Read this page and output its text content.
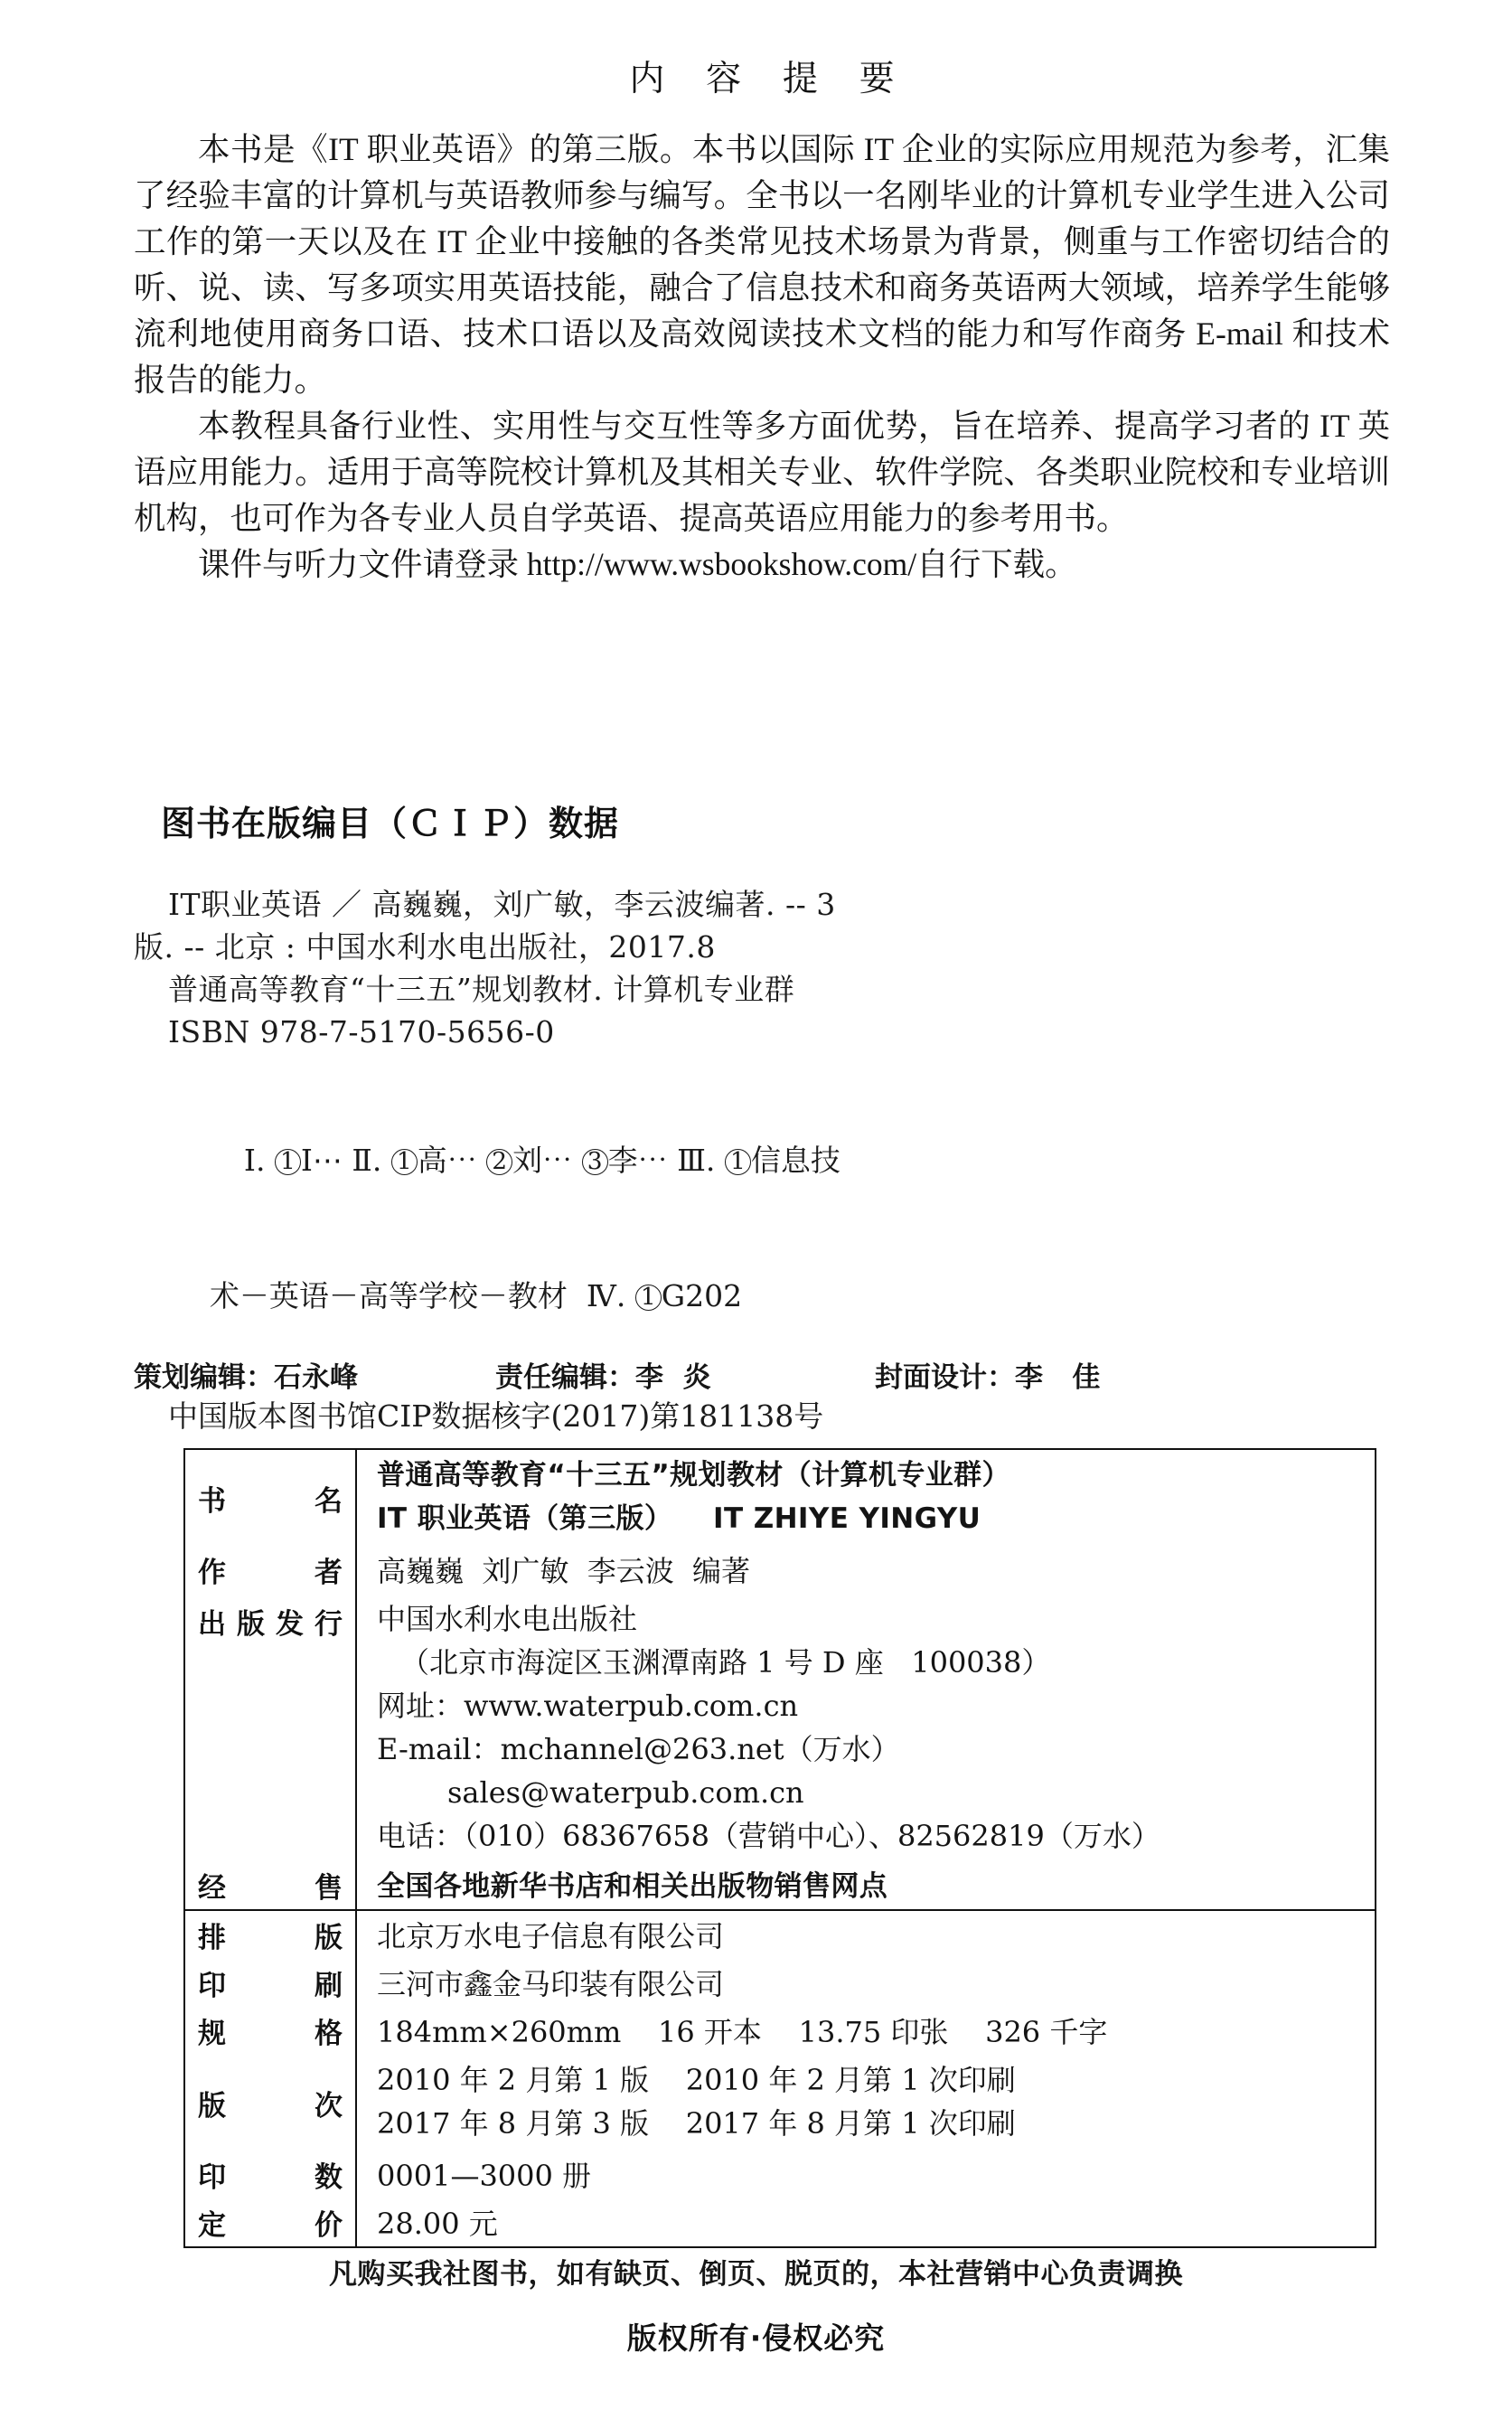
内 容 提 要

本书是《IT 职业英语》的第三版。本书以国际 IT 企业的实际应用规范为参考，汇集了经验丰富的计算机与英语教师参与编写。全书以一名刚毕业的计算机专业学生进入公司工作的第一天以及在 IT 企业中接触的各类常见技术场景为背景，侧重与工作密切结合的听、说、读、写多项实用英语技能，融合了信息技术和商务英语两大领域，培养学生能够流利地使用商务口语、技术口语以及高效阅读技术文档的能力和写作商务 E-mail 和技术报告的能力。

本教程具备行业性、实用性与交互性等多方面优势，旨在培养、提高学习者的 IT 英语应用能力。适用于高等院校计算机及其相关专业、软件学院、各类职业院校和专业培训机构，也可作为各专业人员自学英语、提高英语应用能力的参考用书。

课件与听力文件请登录 http://www.wsbookshow.com/自行下载。

图书在版编目（ＣＩＰ）数据
IT职业英语 ／ 高巍巍，刘广敏，李云波编著. -- 3
版. -- 北京 : 中国水利水电出版社，2017.8
普通高等教育“十三五”规划教材. 计算机专业群
ISBN 978-7-5170-5656-0

Ⅰ. 1 I⋯ Ⅱ. 1 高⋯ 2 刘⋯ 3 李⋯ Ⅲ. 1 信息技

术－英语－高等学校－教材  Ⅳ. 1 G202

中国版本图书馆CIP数据核字(2017)第181138号
策划编辑：石永峰	责任编辑：李  炎	封面设计：李   佳
书名
普通高等教育“十三五”规划教材（计算机专业群）
IT 职业英语（第三版）    IT ZHIYE YINGYU
作者 高巍巍  刘广敏  李云波  编著
出版发行 中国水利水电出版社
（北京市海淀区玉渊潭南路 1 号 D 座   100038）
网址：www.waterpub.com.cn
E-mail：mchannel@263.net（万水）
sales@waterpub.com.cn
电话：（010）68367658（营销中心）、82562819（万水）
经售 全国各地新华书店和相关出版物销售网点
排版 北京万水电子信息有限公司
印刷 三河市鑫金马印装有限公司
规格 184mm×260mm    16 开本    13.75 印张    326 千字
版次
2010 年 2 月第 1 版    2010 年 2 月第 1 次印刷
2017 年 8 月第 3 版    2017 年 8 月第 1 次印刷
印数 0001—3000 册
定价 28.00 元
凡购买我社图书，如有缺页、倒页、脱页的，本社营销中心负责调换
版权所有·侵权必究
